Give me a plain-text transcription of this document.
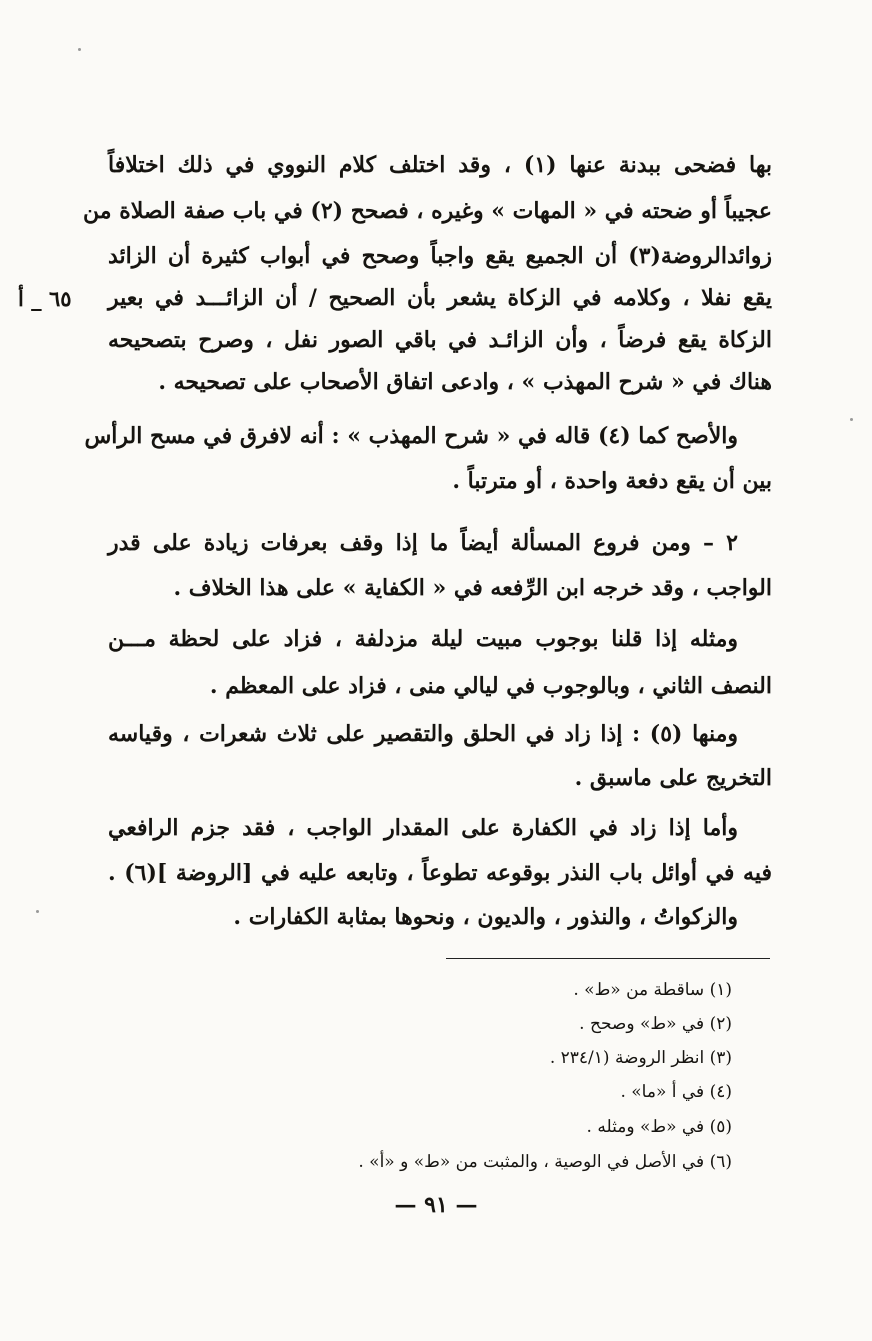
بها فضحى ببدنة عنها (١) ، وقد اختلف كلام النووي في ذلك اختلافاً
عجيباً أو ضحته في « المهات » وغيره ، فصحح (٢) في باب صفة الصلاة من
زوائدالروضة(٣) أن الجميع يقع واجباً وصحح في أبواب كثيرة أن الزائد
يقع نفلا ، وكلامه في الزكاة يشعر بأن الصحيح / أن الزائـــد في بعير
٦٥ _ أ
الزكاة يقع فرضاً ، وأن الزائـد في باقي الصور نفل ، وصرح بتصحيحه
هناك في « شرح المهذب » ، وادعى اتفاق الأصحاب على تصحيحه .
والأصح كما (٤) قاله في « شرح المهذب » : أنه لافرق في مسح الرأس
بين أن يقع دفعة واحدة ، أو مترتباً .
٢ – ومن فروع المسألة أيضاً ما إذا وقف بعرفات زيادة على قدر
الواجب ، وقد خرجه ابن الرِّفعه في « الكفاية » على هذا الخلاف .
ومثله إذا قلنا بوجوب مبيت ليلة مزدلفة ، فزاد على لحظة مـــن
النصف الثاني ، وبالوجوب في ليالي منى ، فزاد على المعظم .
ومنها (٥) : إذا زاد في الحلق والتقصير على ثلاث شعرات ، وقياسه
التخريج على ماسبق .
وأما إذا زاد في الكفارة على المقدار الواجب ، فقد جزم الرافعي
فيه في أوائل باب النذر بوقوعه تطوعاً ، وتابعه عليه في [الروضة ](٦) .
والزكواتُ ، والنذور ، والديون ، ونحوها بمثابة الكفارات .
(١) ساقطة من «ط» .
(٢) في «ط» وصحح .
(٣) انظر الروضة (٢٣٤/١ .
(٤) في أ «ما» .
(٥) في «ط» ومثله .
(٦) في الأصل في الوصية ، والمثبت من «ط» و «أ» .
— ٩١ —
